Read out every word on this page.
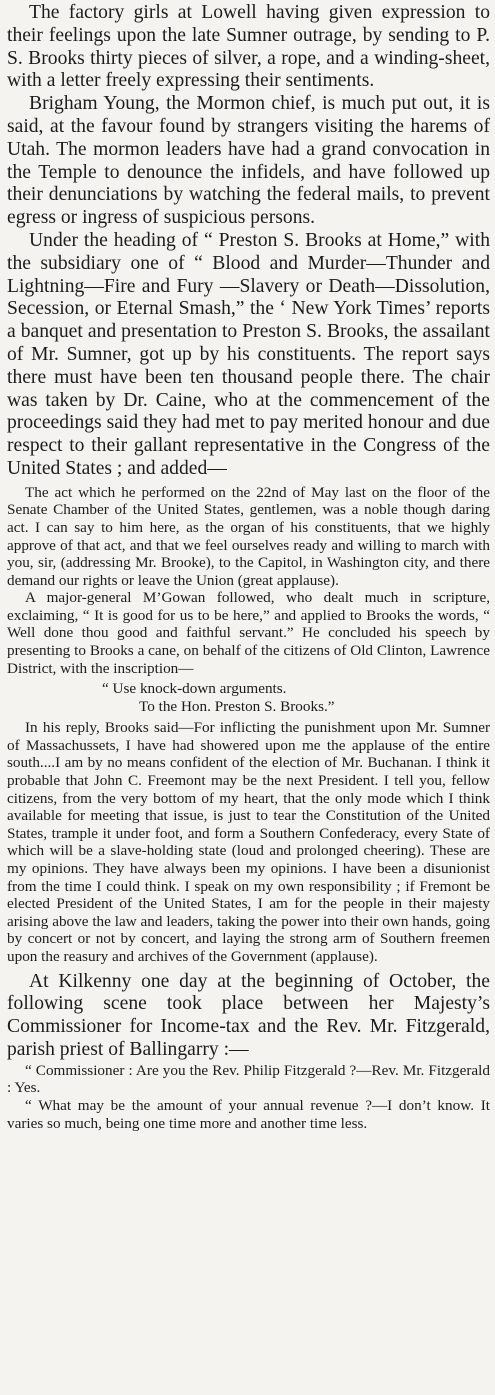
The factory girls at Lowell having given expression to their feelings upon the late Sumner outrage, by sending to P. S. Brooks thirty pieces of silver, a rope, and a winding-sheet, with a letter freely expressing their sentiments.

Brigham Young, the Mormon chief, is much put out, it is said, at the favour found by strangers visiting the harems of Utah. The mormon leaders have had a grand convocation in the Temple to denounce the infidels, and have followed up their denunciations by watching the federal mails, to prevent egress or ingress of suspicious persons.

Under the heading of “ Preston S. Brooks at Home,” with the subsidiary one of “ Blood and Murder—Thunder and Lightning—Fire and Fury —Slavery or Death—Dissolution, Secession, or Eternal Smash,” the ‘ New York Times’ reports a banquet and presentation to Preston S. Brooks, the assailant of Mr. Sumner, got up by his constituents. The report says there must have been ten thousand people there. The chair was taken by Dr. Caine, who at the commencement of the proceedings said they had met to pay merited honour and due respect to their gallant representative in the Congress of the United States ; and added—

The act which he performed on the 22nd of May last on the floor of the Senate Chamber of the United States, gentlemen, was a noble though daring act. I can say to him here, as the organ of his constituents, that we highly approve of that act, and that we feel ourselves ready and willing to march with you, sir, (addressing Mr. Brooke), to the Capitol, in Washington city, and there demand our rights or leave the Union (great applause).

A major-general M’Gowan followed, who dealt much in scripture, exclaiming, “ It is good for us to be here,” and applied to Brooks the words, “ Well done thou good and faithful servant.” He concluded his speech by presenting to Brooks a cane, on behalf of the citizens of Old Clinton, Lawrence District, with the inscription—

“ Use knock-down arguments.

To the Hon. Preston S. Brooks.”

In his reply, Brooks said—For inflicting the punishment upon Mr. Sumner of Massachussets, I have had showered upon me the applause of the entire south....I am by no means confident of the election of Mr. Buchanan. I think it probable that John C. Freemont may be the next President. I tell you, fellow citizens, from the very bottom of my heart, that the only mode which I think available for meeting that issue, is just to tear the Constitution of the United States, trample it under foot, and form a Southern Confederacy, every State of which will be a slave-holding state (loud and prolonged cheering). These are my opinions. They have always been my opinions. I have been a disunionist from the time I could think. I speak on my own responsibility ; if Fremont be elected President of the United States, I am for the people in their majesty arising above the law and leaders, taking the power into their own hands, going by concert or not by concert, and laying the strong arm of Southern freemen upon the reasury and archives of the Government (applause).

At Kilkenny one day at the beginning of October, the following scene took place between her Majesty’s Commissioner for Income-tax and the Rev. Mr. Fitzgerald, parish priest of Ballingarry :—

“ Commissioner : Are you the Rev. Philip Fitzgerald ?—Rev. Mr. Fitzgerald : Yes.

“ What may be the amount of your annual revenue ?—I don’t know. It varies so much, being one time more and another time less.
